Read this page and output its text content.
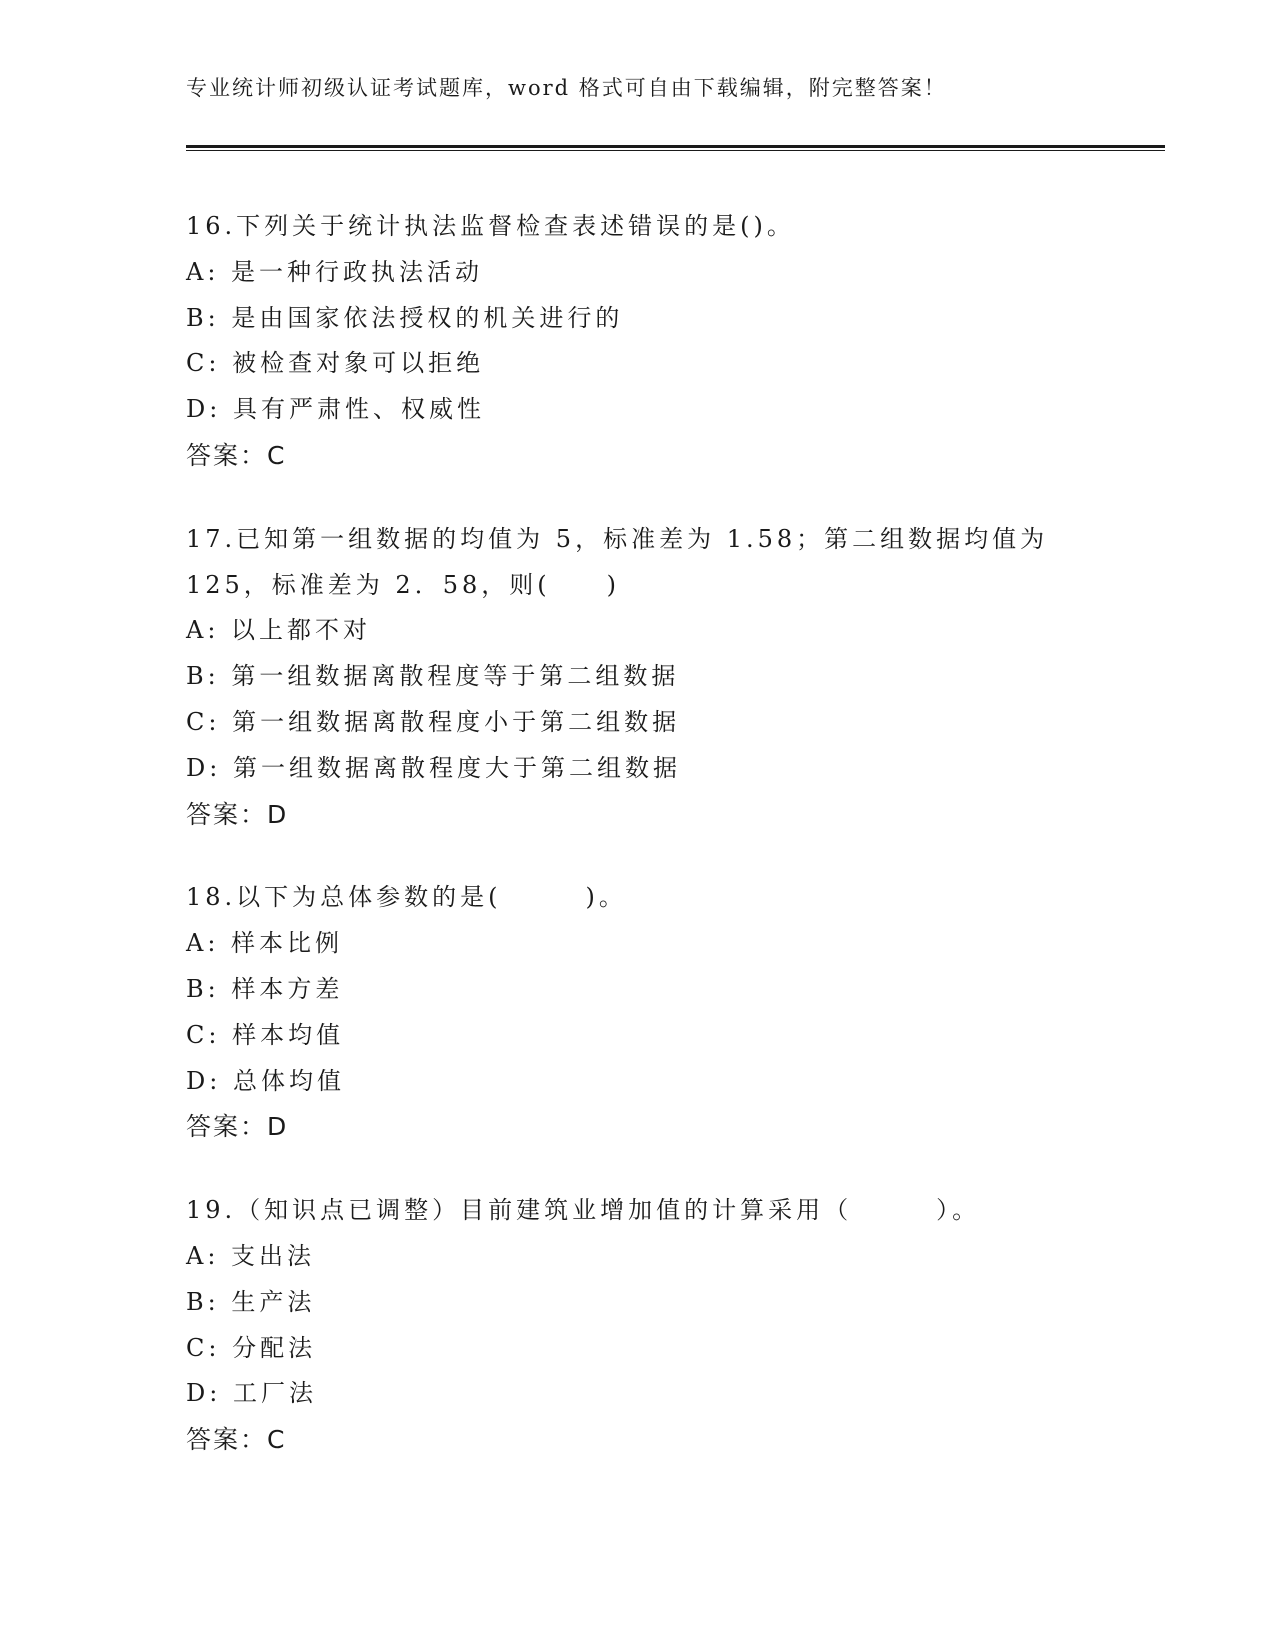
专业统计师初级认证考试题库，word 格式可自由下载编辑，附完整答案！
16.下列关于统计执法监督检查表述错误的是()。
A: 是一种行政执法活动
B: 是由国家依法授权的机关进行的
C: 被检查对象可以拒绝
D: 具有严肃性、权威性
答案：C
17.已知第一组数据的均值为 5，标准差为 1.58；第二组数据均值为
125，标准差为 2．58，则(　　)
A: 以上都不对
B: 第一组数据离散程度等于第二组数据
C: 第一组数据离散程度小于第二组数据
D: 第一组数据离散程度大于第二组数据
答案：D
18.以下为总体参数的是(　　　)。
A: 样本比例
B: 样本方差
C: 样本均值
D: 总体均值
答案：D
19.（知识点已调整）目前建筑业增加值的计算采用（　　　）。
A: 支出法
B: 生产法
C: 分配法
D: 工厂法
答案：C
